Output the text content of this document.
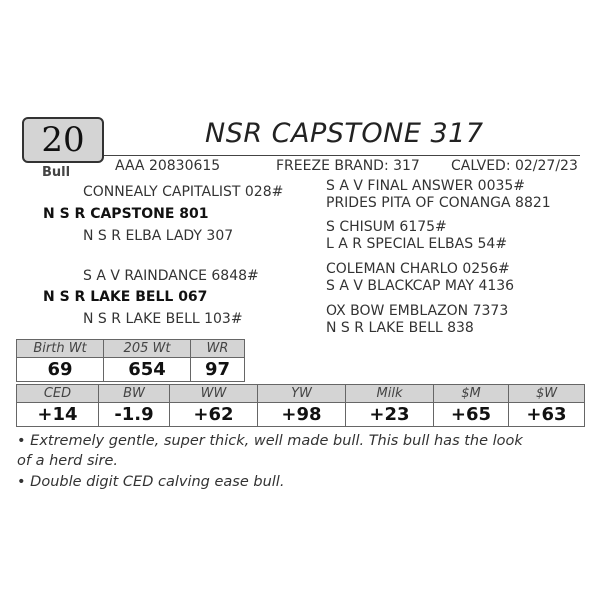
20
Bull
NSR CAPSTONE 317
AAA 20830615	FREEZE BRAND: 317 CALVED: 02/27/23
CONNEALY CAPITALIST 028#
N S R CAPSTONE 801
N S R ELBA LADY 307
S A V RAINDANCE 6848#
N S R LAKE BELL 067
N S R LAKE BELL 103#
S A V FINAL ANSWER 0035#
PRIDES PITA OF CONANGA 8821
S CHISUM 6175#
L A R SPECIAL ELBAS 54#
COLEMAN CHARLO 0256#
S A V BLACKCAP MAY 4136
OX BOW EMBLAZON 7373
N S R LAKE BELL 838
Birth Wt	205 Wt	WR
69	654	97
CED	BW	WW	YW	Milk	$M	$W
+14	-1.9	+62	+98	+23	+65	+63
• Extremely gentle, super thick, well made bull. This bull has the look
of a herd sire.
• Double digit CED calving ease bull.
